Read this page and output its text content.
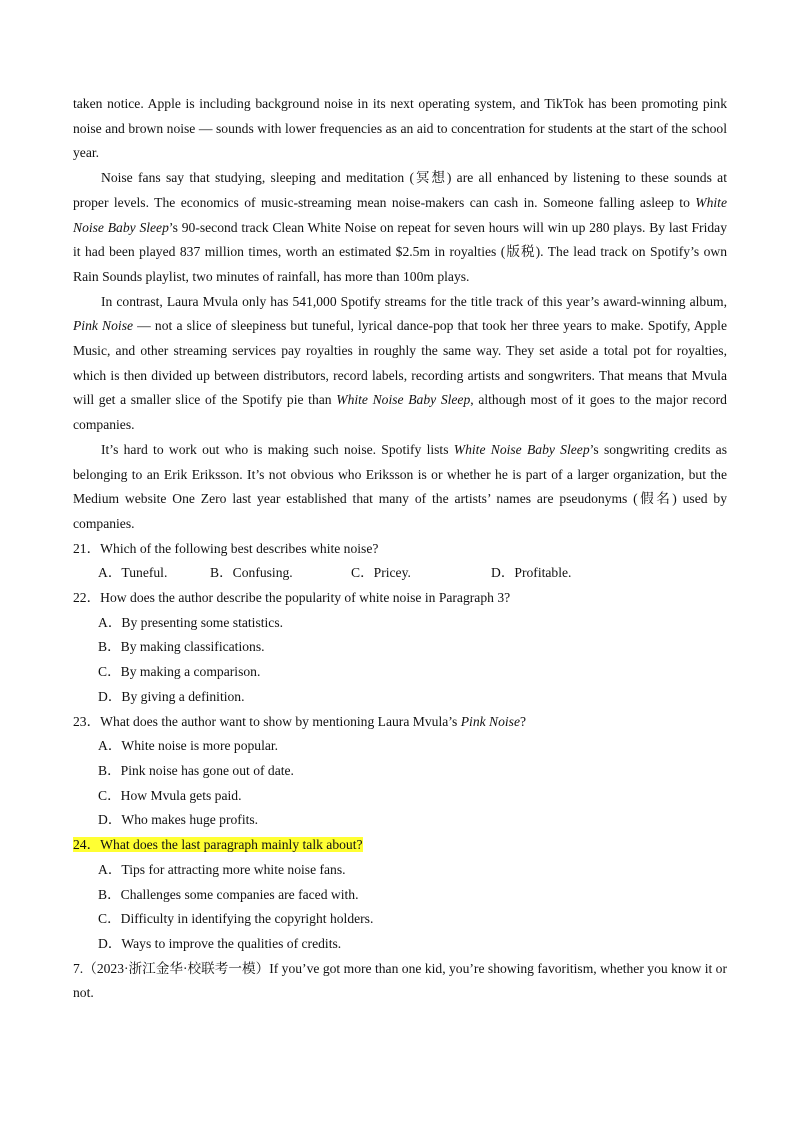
taken notice. Apple is including background noise in its next operating system, and TikTok has been promoting pink noise and brown noise — sounds with lower frequencies as an aid to concentration for students at the start of the school year.

Noise fans say that studying, sleeping and meditation (冥想) are all enhanced by listening to these sounds at proper levels. The economics of music-streaming mean noise-makers can cash in. Someone falling asleep to White Noise Baby Sleep’s 90-second track Clean White Noise on repeat for seven hours will win up 280 plays. By last Friday it had been played 837 million times, worth an estimated $2.5m in royalties (版税). The lead track on Spotify’s own Rain Sounds playlist, two minutes of rainfall, has more than 100m plays.

In contrast, Laura Mvula only has 541,000 Spotify streams for the title track of this year’s award-winning album, Pink Noise — not a slice of sleepiness but tuneful, lyrical dance-pop that took her three years to make. Spotify, Apple Music, and other streaming services pay royalties in roughly the same way. They set aside a total pot for royalties, which is then divided up between distributors, record labels, recording artists and songwriters. That means that Mvula will get a smaller slice of the Spotify pie than White Noise Baby Sleep, although most of it goes to the major record companies.

It’s hard to work out who is making such noise. Spotify lists White Noise Baby Sleep’s songwriting credits as belonging to an Erik Eriksson. It’s not obvious who Eriksson is or whether he is part of a larger organization, but the Medium website One Zero last year established that many of the artists’ names are pseudonyms (假名) used by companies.

21．Which of the following best describes white noise?
A．Tuneful.	B．Confusing.	C．Pricey.	D．Profitable.
22．How does the author describe the popularity of white noise in Paragraph 3?
A．By presenting some statistics.
B．By making classifications.
C．By making a comparison.
D．By giving a definition.
23．What does the author want to show by mentioning Laura Mvula’s Pink Noise?
A．White noise is more popular.
B．Pink noise has gone out of date.
C．How Mvula gets paid.
D．Who makes huge profits.
24．What does the last paragraph mainly talk about?
A．Tips for attracting more white noise fans.
B．Challenges some companies are faced with.
C．Difficulty in identifying the copyright holders.
D．Ways to improve the qualities of credits.

7.（2023·浙江金华·校联考一模）If you’ve got more than one kid, you’re showing favoritism, whether you know it or not.
